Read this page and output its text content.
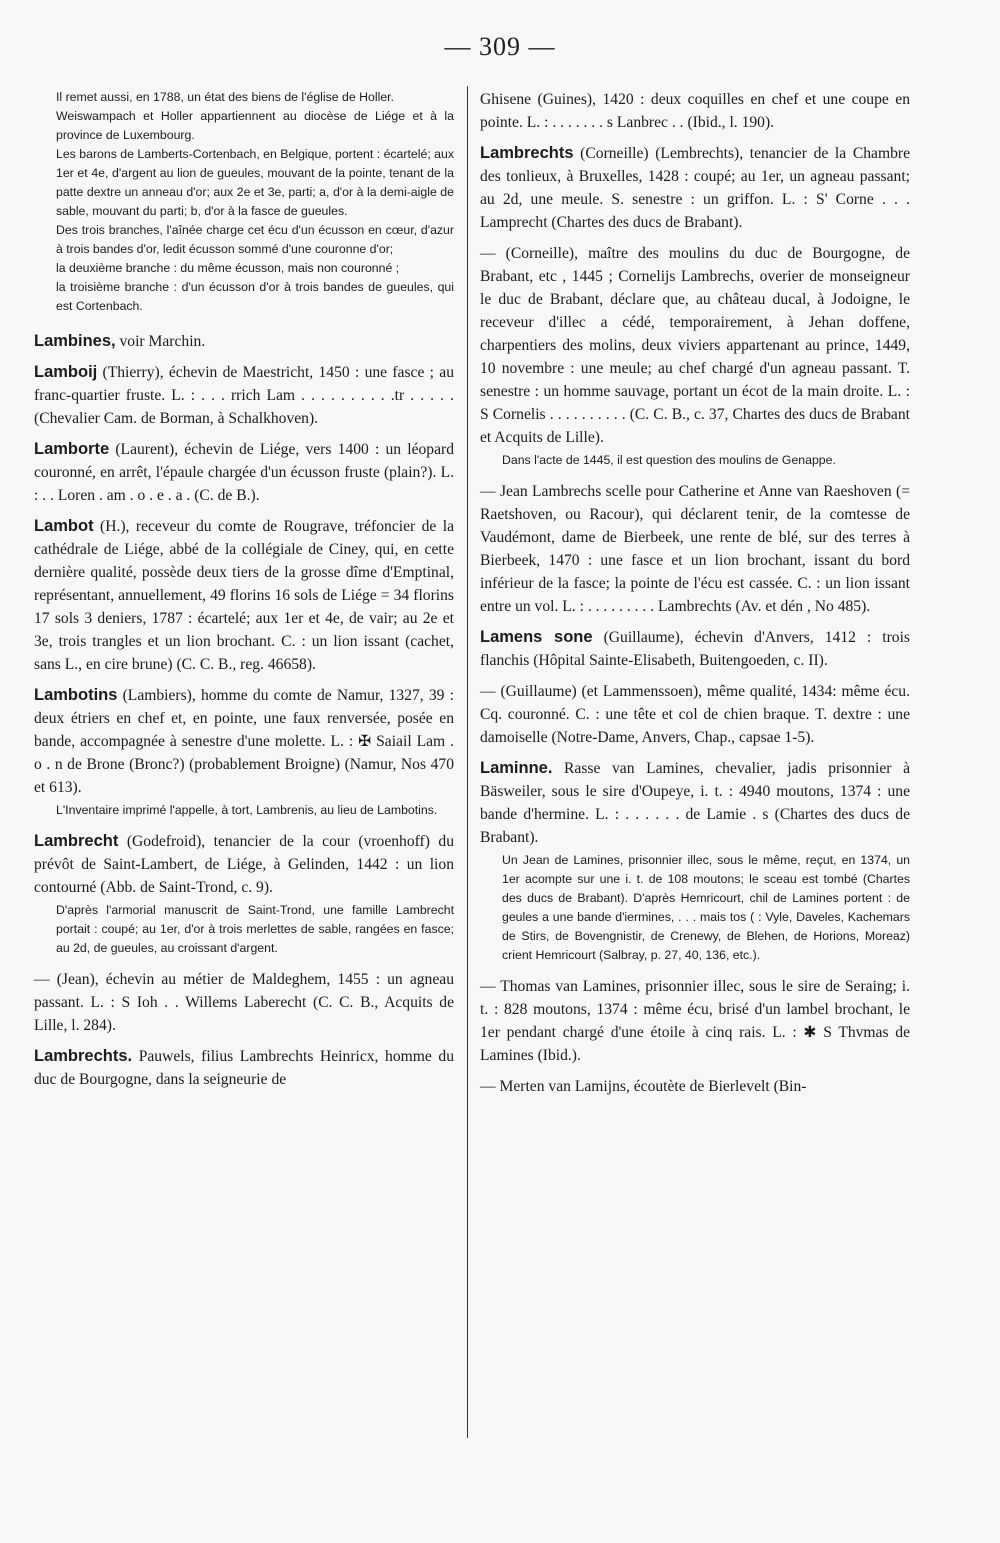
— 309 —

Il remet aussi, en 1788, un état des biens de l'église de Holler.

Weiswampach et Holler appartiennent au diocèse de Liége et à la province de Luxembourg.

Les barons de Lamberts-Cortenbach, en Belgique, portent : écartelé; aux 1er et 4e, d'argent au lion de gueules, mouvant de la pointe, tenant de la patte dextre un anneau d'or; aux 2e et 3e, parti; a, d'or à la demi-aigle de sable, mouvant du parti; b, d'or à la fasce de gueules.

Des trois branches, l'aînée charge cet écu d'un écusson en cœur, d'azur à trois bandes d'or, ledit écusson sommé d'une couronne d'or;

la deuxième branche : du même écusson, mais non couronné ;

la troisième branche : d'un écusson d'or à trois bandes de gueules, qui est Cortenbach.

Lambines, voir Marchin.

Lamboij (Thierry), échevin de Maestricht, 1450 : une fasce ; au franc-quartier fruste. L. : . . . rrich Lam . . . . . . . . . .tr . . . . . (Chevalier Cam. de Borman, à Schalkhoven).

Lamborte (Laurent), échevin de Liége, vers 1400 : un léopard couronné, en arrêt, l'épaule chargée d'un écusson fruste (plain?). L. : . . Loren . am . o . e . a . (C. de B.).

Lambot (H.), receveur du comte de Rougrave, tréfoncier de la cathédrale de Liége, abbé de la collégiale de Ciney, qui, en cette dernière qualité, possède deux tiers de la grosse dîme d'Emptinal, représentant, annuellement, 49 florins 16 sols de Liége = 34 florins 17 sols 3 deniers, 1787 : écartelé; aux 1er et 4e, de vair; au 2e et 3e, trois trangles et un lion brochant. C. : un lion issant (cachet, sans L., en cire brune) (C. C. B., reg. 46658).

Lambotins (Lambiers), homme du comte de Namur, 1327, 39 : deux étriers en chef et, en pointe, une faux renversée, posée en bande, accompagnée à senestre d'une molette. L. : ✠ Saiail Lam . o . n de Brone (Bronc?) (probablement Broigne) (Namur, Nos 470 et 613).

L'Inventaire imprimé l'appelle, à tort, Lambrenis, au lieu de Lambotins.

Lambrecht (Godefroid), tenancier de la cour (vroenhoff) du prévôt de Saint-Lambert, de Liége, à Gelinden, 1442 : un lion contourné (Abb. de Saint-Trond, c. 9).

D'après l'armorial manuscrit de Saint-Trond, une famille Lambrecht portait : coupé; au 1er, d'or à trois merlettes de sable, rangées en fasce; au 2d, de gueules, au croissant d'argent.

— (Jean), échevin au métier de Maldeghem, 1455 : un agneau passant. L. : S Ioh . . Willems Laberecht (C. C. B., Acquits de Lille, l. 284).

Lambrechts. Pauwels, filius Lambrechts Heinricx, homme du duc de Bourgogne, dans la seigneurie de

Ghisene (Guines), 1420 : deux coquilles en chef et une coupe en pointe. L. : . . . . . . . s Lanbrec . . (Ibid., l. 190).

Lambrechts (Corneille) (Lembrechts), tenancier de la Chambre des tonlieux, à Bruxelles, 1428 : coupé; au 1er, un agneau passant; au 2d, une meule. S. senestre : un griffon. L. : S' Corne . . . Lamprecht (Chartes des ducs de Brabant).

— (Corneille), maître des moulins du duc de Bourgogne, de Brabant, etc , 1445 ; Cornelijs Lambrechs, overier de monseigneur le duc de Brabant, déclare que, au château ducal, à Jodoigne, le receveur d'illec a cédé, temporairement, à Jehan doffene, charpentiers des molins, deux viviers appartenant au prince, 1449, 10 novembre : une meule; au chef chargé d'un agneau passant. T. senestre : un homme sauvage, portant un écot de la main droite. L. : S Cornelis . . . . . . . . . . (C. C. B., c. 37, Chartes des ducs de Brabant et Acquits de Lille).

Dans l'acte de 1445, il est question des moulins de Genappe.

— Jean Lambrechs scelle pour Catherine et Anne van Raeshoven (= Raetshoven, ou Racour), qui déclarent tenir, de la comtesse de Vaudémont, dame de Bierbeek, une rente de blé, sur des terres à Bierbeek, 1470 : une fasce et un lion brochant, issant du bord inférieur de la fasce; la pointe de l'écu est cassée. C. : un lion issant entre un vol. L. : . . . . . . . . . Lambrechts (Av. et dén , No 485).

Lamens sone (Guillaume), échevin d'Anvers, 1412 : trois flanchis (Hôpital Sainte-Elisabeth, Buitengoeden, c. II).

— (Guillaume) (et Lammenssoen), même qualité, 1434: même écu. Cq. couronné. C. : une tête et col de chien braque. T. dextre : une damoiselle (Notre-Dame, Anvers, Chap., capsae 1-5).

Laminne. Rasse van Lamines, chevalier, jadis prisonnier à Bäsweiler, sous le sire d'Oupeye, i. t. : 4940 moutons, 1374 : une bande d'hermine. L. : . . . . . . de Lamie . s (Chartes des ducs de Brabant).

Un Jean de Lamines, prisonnier illec, sous le même, reçut, en 1374, un 1er acompte sur une i. t. de 108 moutons; le sceau est tombé (Chartes des ducs de Brabant). D'après Hemricourt, chil de Lamines portent : de geules a une bande d'iermines, . . . mais tos ( : Vyle, Daveles, Kachemars de Stirs, de Bovengnistir, de Crenewy, de Blehen, de Horions, Moreaz) crient Hemricourt (Salbray, p. 27, 40, 136, etc.).

— Thomas van Lamines, prisonnier illec, sous le sire de Seraing; i. t. : 828 moutons, 1374 : même écu, brisé d'un lambel brochant, le 1er pendant chargé d'une étoile à cinq rais. L. : ✱ S Thvmas de Lamines (Ibid.).

— Merten van Lamijns, écoutète de Bierlevelt (Bin-
